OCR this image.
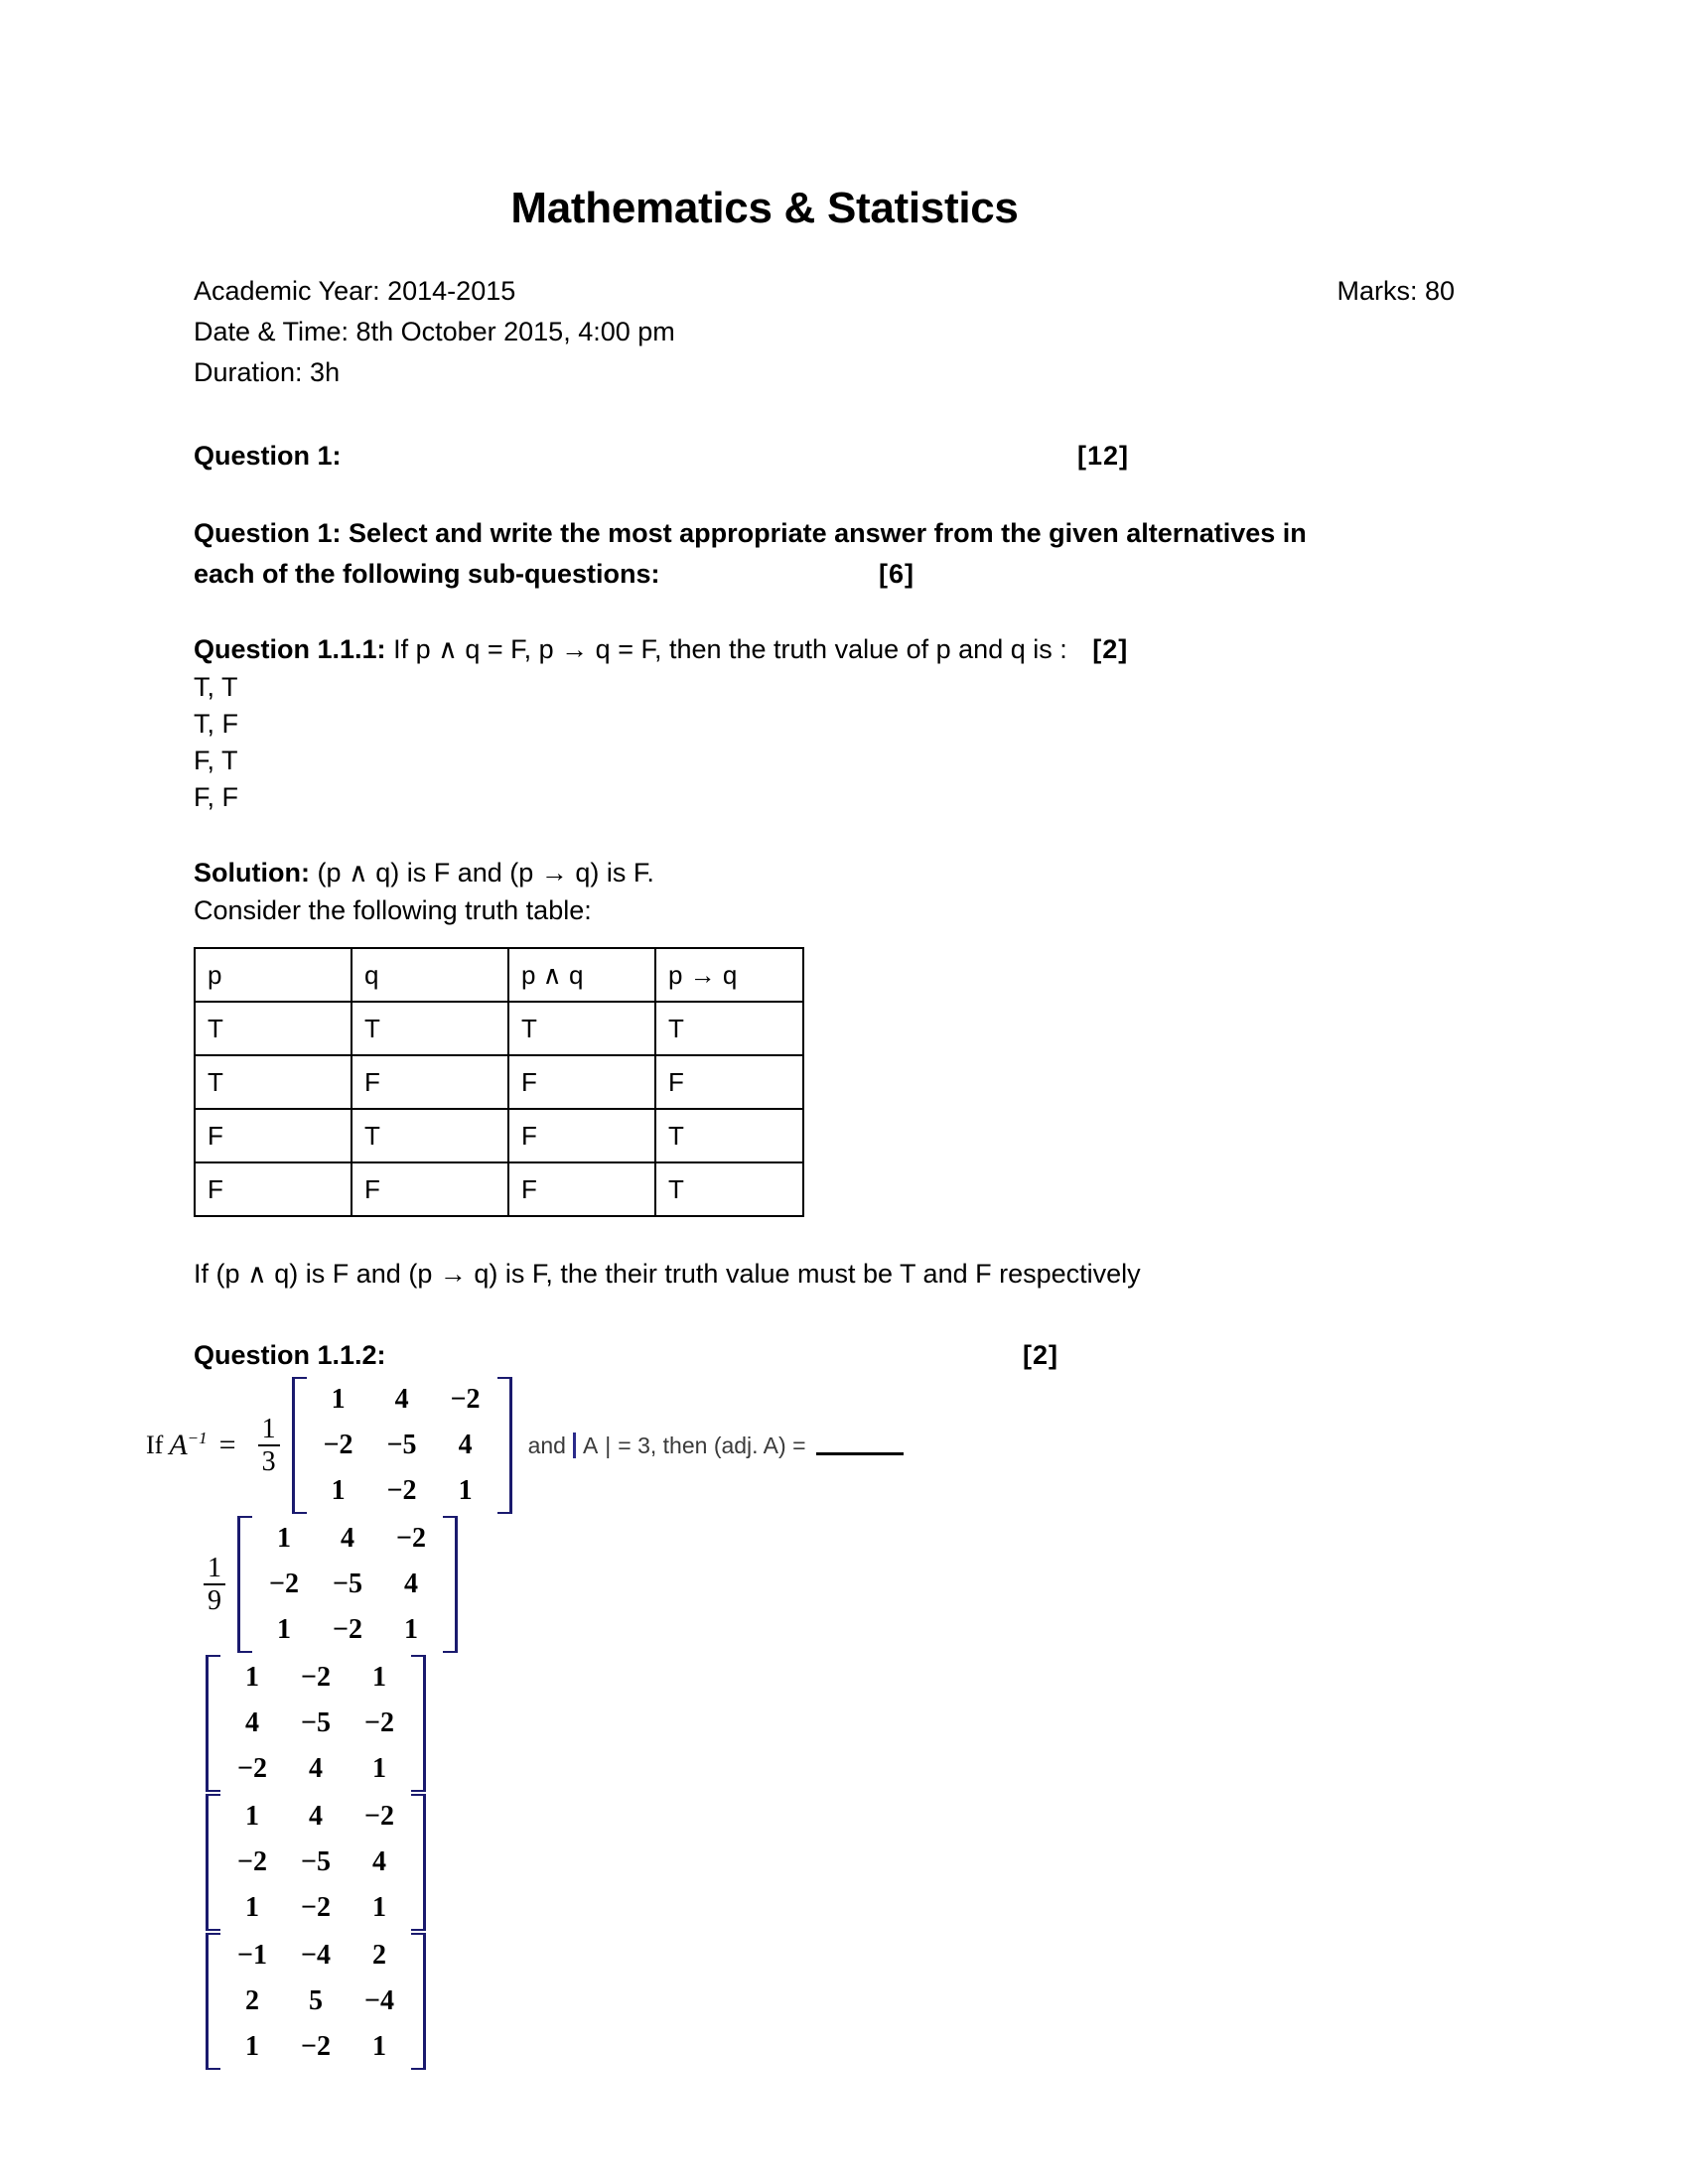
Mathematics & Statistics
Academic Year: 2014-2015	Marks: 80
Date & Time: 8th October 2015, 4:00 pm
Duration: 3h
Question 1:	[12]
Question 1: Select and write the most appropriate answer from the given alternatives in each of the following sub-questions:	[6]
Question 1.1.1: If p ∧ q = F, p → q = F, then the truth value of p and q is : [2]
T, T
T, F
F, T
F, F
Solution: (p ∧ q) is F and (p → q) is F.
Consider the following truth table:
p	q	p ∧ q	p → q
T	T	T	T
T	F	F	F
F	T	F	T
F	F	F	T
If (p ∧ q) is F and (p → q) is F, the their truth value must be T and F respectively
Question 1.1.2:	[2]
If $A^{-1} = \frac{1}{3}$
1	4	−2
−2	−5	4
1	−2	1
and A | = 3, then (adj. A) =
$\frac{1}{9}$
1	4	−2
−2	−5	4
1	−2	1
1	−2	1
4	−5	−2
−2	4	1
1	4	−2
−2	−5	4
1	−2	1
−1	−4	2
2	5	−4
1	−2	1
